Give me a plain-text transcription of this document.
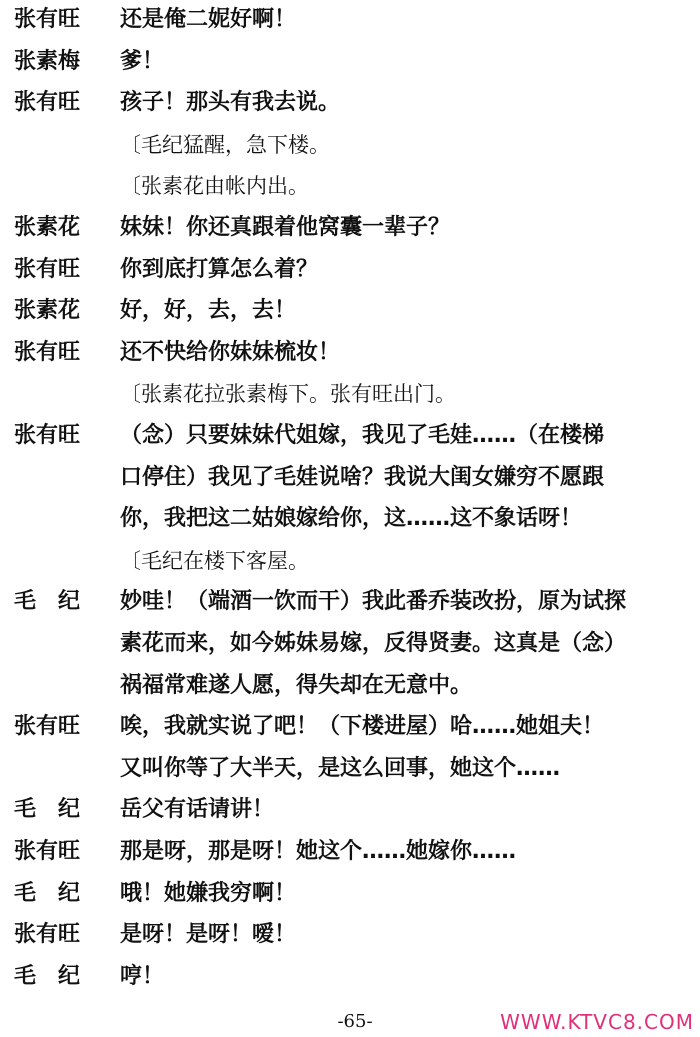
张有旺	还是俺二妮好啊！
张素梅	爹！
张有旺	孩子！那头有我去说。
〔毛纪猛醒，急下楼。
〔张素花由帐内出。
张素花	妹妹！你还真跟着他窝囊一辈子？
张有旺	你到底打算怎么着？
张素花	好，好，去，去！
张有旺	还不快给你妹妹梳妆！
〔张素花拉张素梅下。张有旺出门。
张有旺	（念）只要妹妹代姐嫁，我见了毛娃……（在楼梯
口停住）我见了毛娃说啥？我说大闺女嫌穷不愿跟
你，我把这二姑娘嫁给你，这……这不象话呀！
〔毛纪在楼下客屋。
毛纪 妙哇！（端酒一饮而干）我此番乔装改扮，原为试探
素花而来，如今姊妹易嫁，反得贤妻。这真是（念）
祸福常难遂人愿，得失却在无意中。
张有旺	唉，我就实说了吧！（下楼进屋）哈……她姐夫！
又叫你等了大半天，是这么回事，她这个……
毛纪 岳父有话请讲！
张有旺	那是呀，那是呀！她这个……她嫁你……
毛纪 哦！她嫌我穷啊！
张有旺	是呀！是呀！嗳！
毛纪 哼！
-65-	WWW.KTVC8.COM
